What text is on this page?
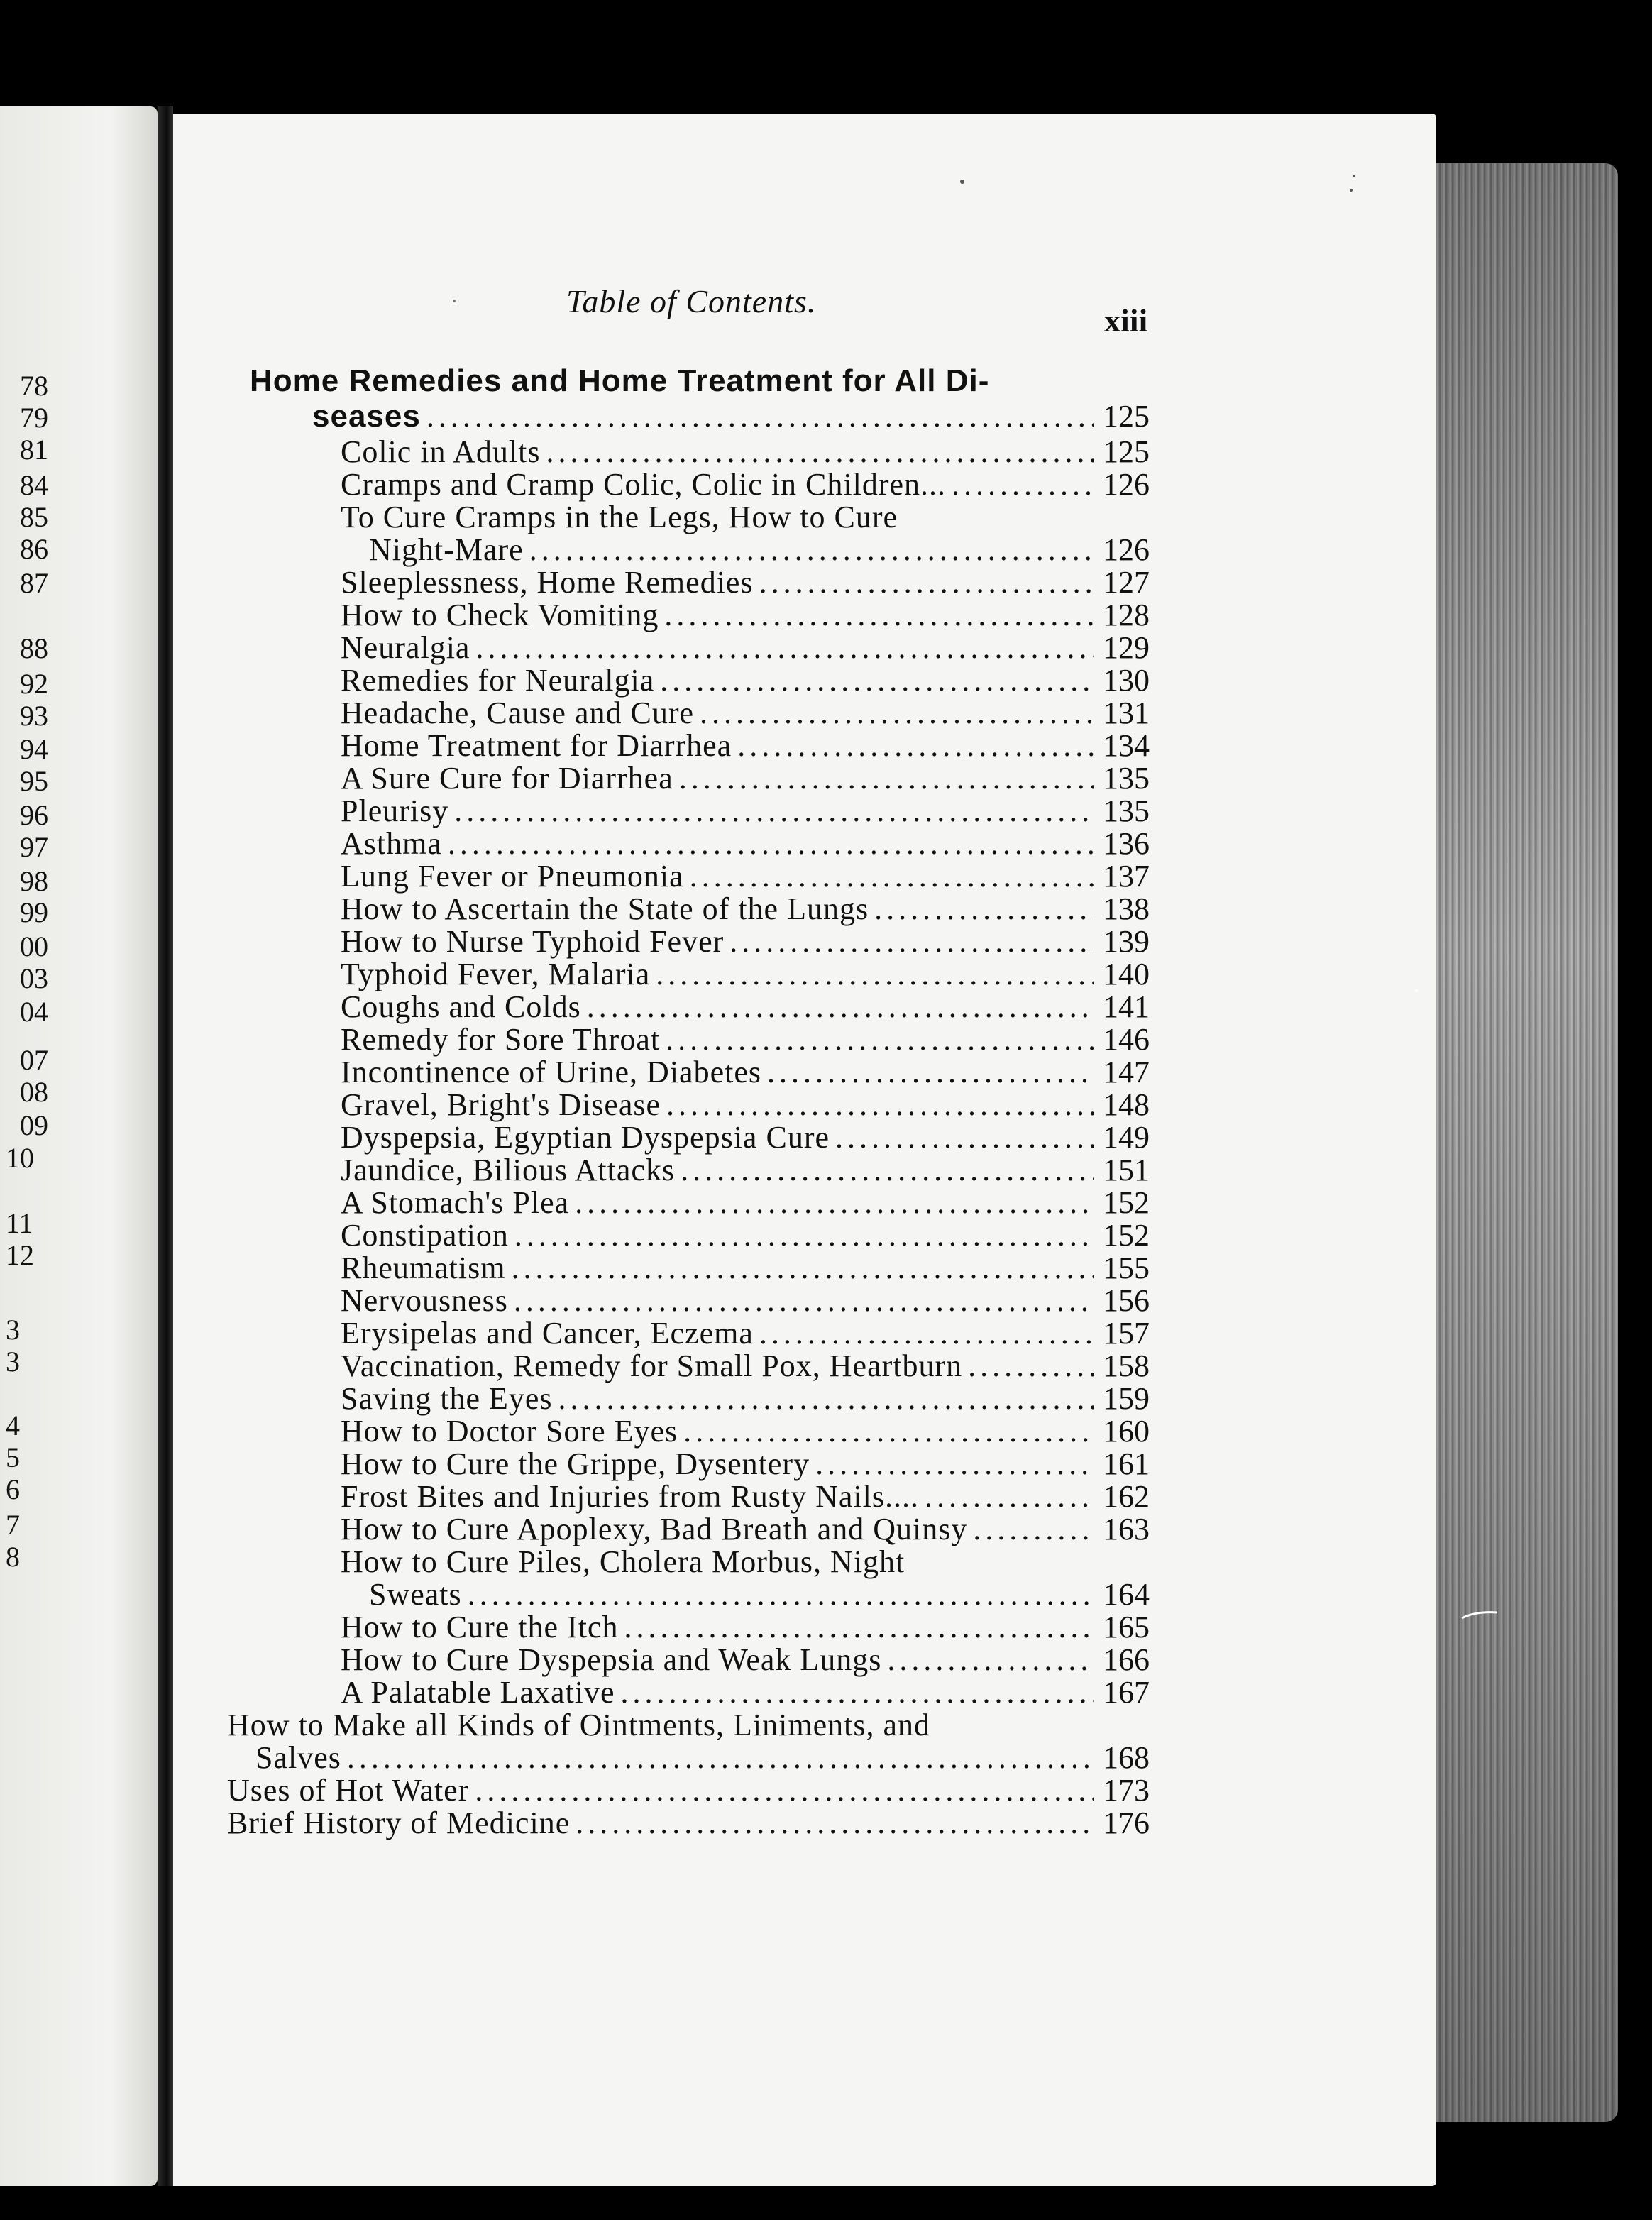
78
79
81
84
85
86
87
88
92
93
94
95
96
97
98
99
00
03
04
07
08
09
10
11
12
3
3
4
5
6
7
8
Table of Contents.
xiii
Home Remedies and Home Treatment for All Di-
seases .....	125
Colic in Adults .....	125
Cramps and Cramp Colic, Colic in Children... .....	126
To Cure Cramps in the Legs, How to Cure
Night-Mare .....	126
Sleeplessness, Home Remedies .....	127
How to Check Vomiting .....	128
Neuralgia .....	129
Remedies for Neuralgia .....	130
Headache, Cause and Cure .....	131
Home Treatment for Diarrhea .....	134
A Sure Cure for Diarrhea .....	135
Pleurisy .....	135
Asthma .....	136
Lung Fever or Pneumonia .....	137
How to Ascertain the State of the Lungs .....	138
How to Nurse Typhoid Fever .....	139
Typhoid Fever, Malaria .....	140
Coughs and Colds .....	141
Remedy for Sore Throat .....	146
Incontinence of Urine, Diabetes .....	147
Gravel, Bright's Disease .....	148
Dyspepsia, Egyptian Dyspepsia Cure .....	149
Jaundice, Bilious Attacks .....	151
A Stomach's Plea .....	152
Constipation .....	152
Rheumatism .....	155
Nervousness .....	156
Erysipelas and Cancer, Eczema .....	157
Vaccination, Remedy for Small Pox, Heartburn .....	158
Saving the Eyes .....	159
How to Doctor Sore Eyes .....	160
How to Cure the Grippe, Dysentery .....	161
Frost Bites and Injuries from Rusty Nails.... .....	162
How to Cure Apoplexy, Bad Breath and Quinsy .....	163
How to Cure Piles, Cholera Morbus, Night
Sweats .....	164
How to Cure the Itch .....	165
How to Cure Dyspepsia and Weak Lungs .....	166
A Palatable Laxative .....	167
How to Make all Kinds of Ointments, Liniments, and
Salves .....	168
Uses of Hot Water .....	173
Brief History of Medicine .....	176
